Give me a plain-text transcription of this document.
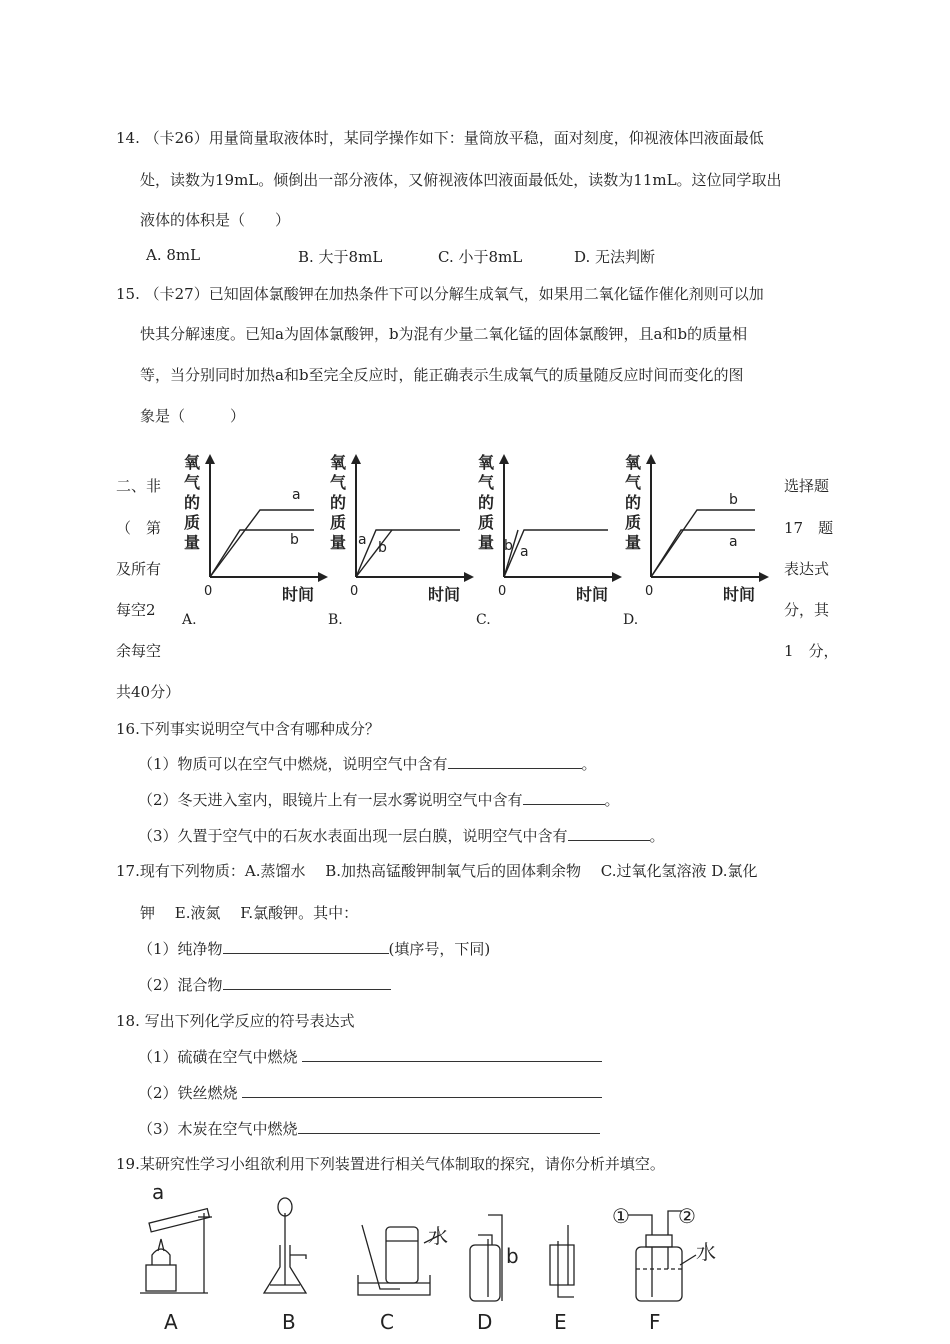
14. （卡26）用量筒量取液体时，某同学操作如下：量筒放平稳，面对刻度，仰视液体凹液面最低
处，读数为19mL。倾倒出一部分液体，又俯视液体凹液面最低处，读数为11mL。这位同学取出
液体的体积是（　　）
A. 8mL	B. 大于8mL	C. 小于8mL	D. 无法判断
15. （卡27）已知固体氯酸钾在加热条件下可以分解生成氧气，如果用二氧化锰作催化剂则可以加
快其分解速度。已知a为固体氯酸钾，b为混有少量二氧化锰的固体氯酸钾，且a和b的质量相
等，当分别同时加热a和b至完全反应时，能正确表示生成氧气的质量随反应时间而变化的图
象是（　　　）
二、非
（　第
及所有
每空2
余每空
选择题
17　题
表达式
分，其
1　分，
共40分）
a
b
氧
气
的
质
量
0	时间
A.
a b
氧
气
的
质
量
0	时间
B.
b a
氧
气
的
质
量
0	时间
C.
b
a
氧
气
的
质
量
0	时间
D.
16.下列事实说明空气中含有哪种成分？
（1）物质可以在空气中燃烧，说明空气中含有	。
（2）冬天进入室内，眼镜片上有一层水雾说明空气中含有	。
（3）久置于空气中的石灰水表面出现一层白膜，说明空气中含有	。
17.现有下列物质：A.蒸馏水　 B.加热高锰酸钾制氧气后的固体剩余物　 C.过氧化氢溶液 D.氯化
钾　 E.液氮　 F.氯酸钾。其中：
（1）纯净物	(填序号，下同)
（2）混合物
18. 写出下列化学反应的符号表达式
（1）硫磺在空气中燃烧
（2）铁丝燃烧
（3）木炭在空气中燃烧
19.某研究性学习小组欲利用下列装置进行相关气体制取的探究，请你分析并填空。
a
b
水
水
① ②
A	B	C	D	E	F
